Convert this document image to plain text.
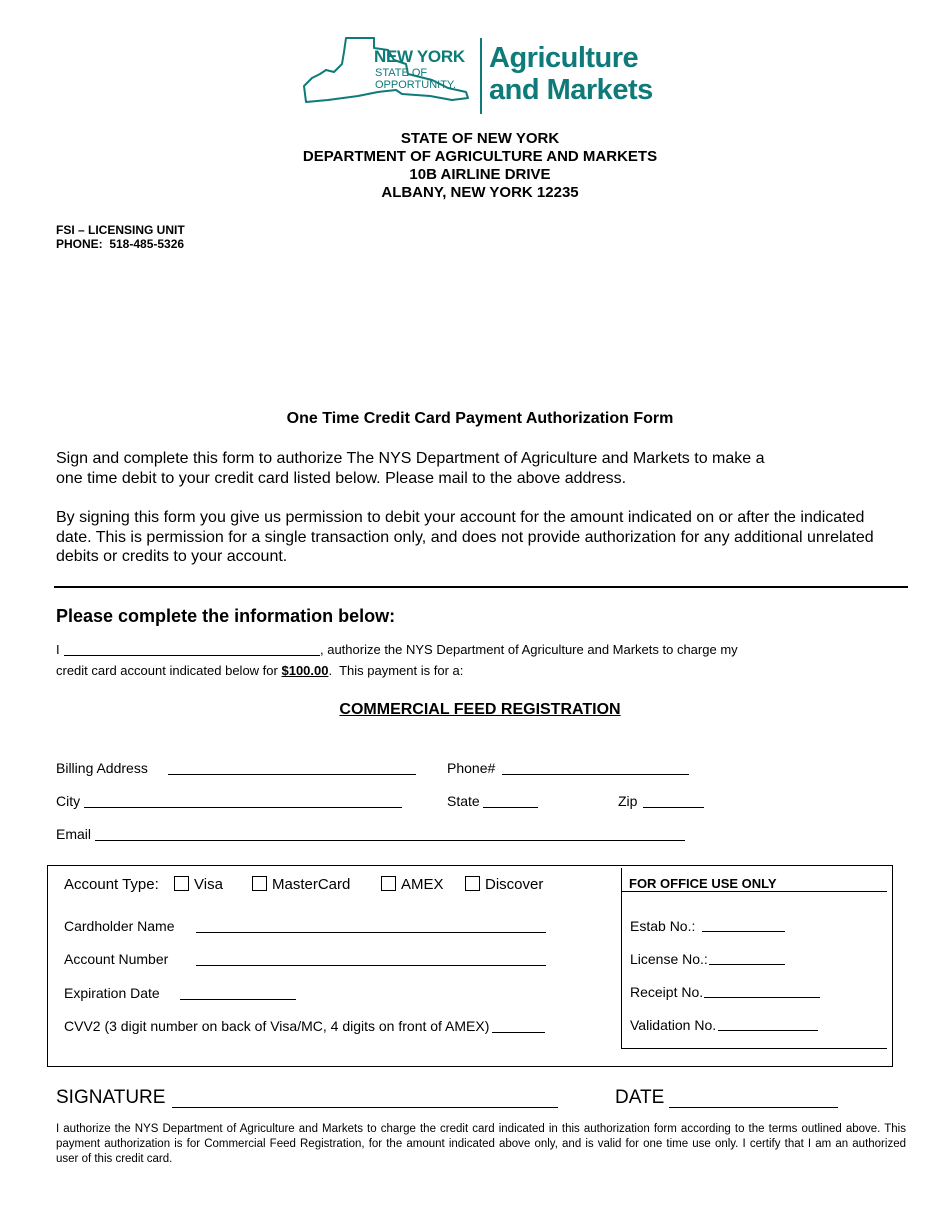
NEW YORK
STATE OF
OPPORTUNITY.
Agriculture
and Markets
STATE OF NEW YORK
DEPARTMENT OF AGRICULTURE AND MARKETS
10B AIRLINE DRIVE
ALBANY, NEW YORK 12235
FSI – LICENSING UNIT
PHONE:  518-485-5326
One Time Credit Card Payment Authorization Form
Sign and complete this form to authorize The NYS Department of Agriculture and Markets to make a one time debit to your credit card listed below. Please mail to the above address.
By signing this form you give us permission to debit your account for the amount indicated on or after the indicated date. This is permission for a single transaction only, and does not provide authorization for any additional unrelated debits or credits to your account.
Please complete the information below:
I	, authorize the NYS Department of Agriculture and Markets to charge my
credit card account indicated below for $100.00.  This payment is for a:
COMMERCIAL FEED REGISTRATION
Billing Address	Phone#
City	State	Zip
Email
Account Type:	Visa	MasterCard	AMEX	Discover
Cardholder Name
Account Number
Expiration Date
CVV2 (3 digit number on back of Visa/MC, 4 digits on front of AMEX)
FOR OFFICE USE ONLY
Estab No.:
License No.:
Receipt No.
Validation No.
SIGNATURE	DATE
I authorize the NYS Department of Agriculture and Markets to charge the credit card indicated in this authorization form according to the terms outlined above. This payment authorization is for Commercial Feed Registration, for the amount indicated above only, and is valid for one time use only. I certify that I am an authorized user of this credit card.
